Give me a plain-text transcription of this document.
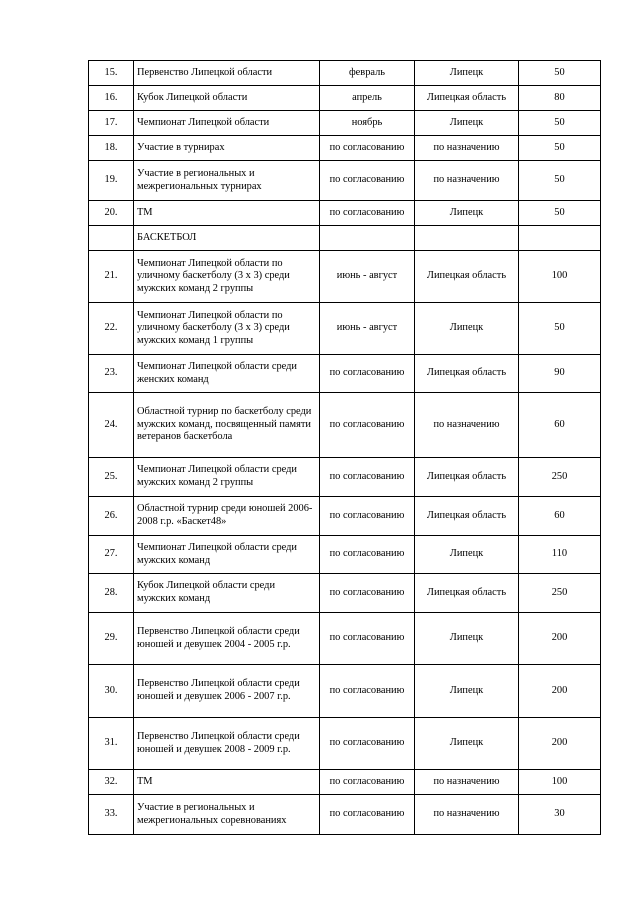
15.	Первенство Липецкой области	февраль	Липецк	50
16.	Кубок Липецкой области	апрель	Липецкая область	80
17.	Чемпионат Липецкой области	ноябрь	Липецк	50
18.	Участие в турнирах	по согласованию	по назначению	50
19.	Участие в региональных и межрегиональных турнирах	по согласованию	по назначению	50
20.	ТМ	по согласованию	Липецк	50
	БАСКЕТБОЛ			
21.	Чемпионат Липецкой области по уличному баскетболу (3 x 3) среди мужских команд 2 группы	июнь - август	Липецкая область	100
22.	Чемпионат Липецкой области по уличному баскетболу (3 x 3) среди мужских команд 1 группы	июнь - август	Липецк	50
23.	Чемпионат Липецкой области среди женских команд	по согласованию	Липецкая область	90
24.	Областной турнир по баскетболу среди мужских команд, посвященный памяти ветеранов баскетбола	по согласованию	по назначению	60
25.	Чемпионат Липецкой области среди мужских команд 2 группы	по согласованию	Липецкая область	250
26.	Областной турнир среди юношей 2006-2008 г.р. «Баскет48»	по согласованию	Липецкая область	60
27.	Чемпионат Липецкой области среди мужских команд	по согласованию	Липецк	110
28.	Кубок Липецкой области среди мужских команд	по согласованию	Липецкая область	250
29.	Первенство Липецкой области среди юношей и девушек 2004 - 2005 г.р.	по согласованию	Липецк	200
30.	Первенство Липецкой области среди юношей и девушек 2006 - 2007 г.р.	по согласованию	Липецк	200
31.	Первенство Липецкой области среди юношей и девушек 2008 - 2009 г.р.	по согласованию	Липецк	200
32.	ТМ	по согласованию	по назначению	100
33.	Участие в региональных и межрегиональных соревнованиях	по согласованию	по назначению	30
